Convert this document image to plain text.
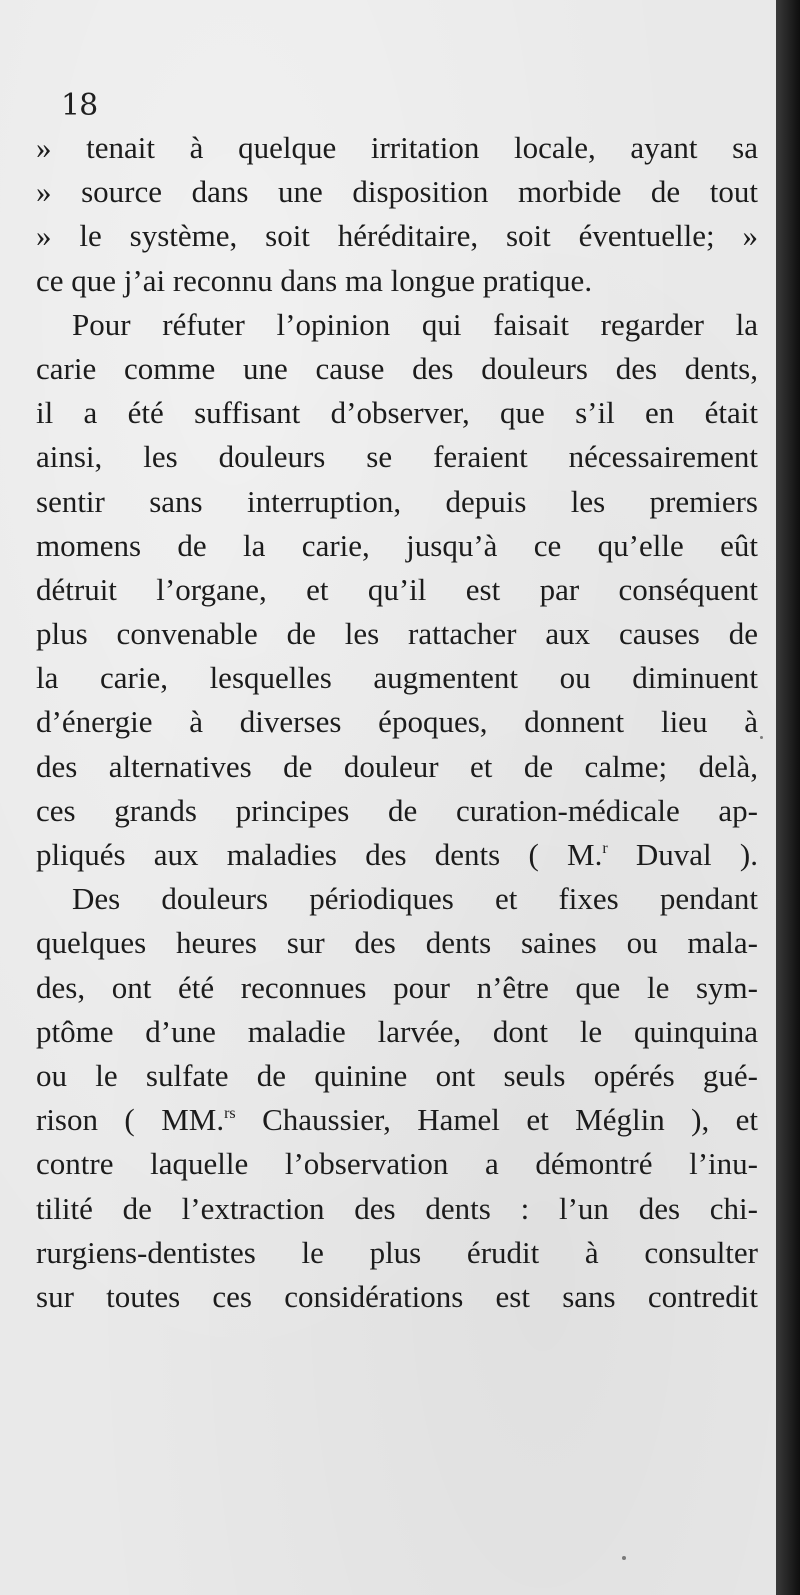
18
» tenait à quelque irritation locale, ayant sa
» source dans une disposition morbide de tout
» le système, soit héréditaire, soit éventuelle; »
ce que j’ai reconnu dans ma longue pratique.
Pour réfuter l’opinion qui faisait regarder la
carie comme une cause des douleurs des dents,
il a été suffisant d’observer, que s’il en était
ainsi, les douleurs se feraient nécessairement
sentir sans interruption, depuis les premiers
momens de la carie, jusqu’à ce qu’elle eût
détruit l’organe, et qu’il est par conséquent
plus convenable de les rattacher aux causes de
la carie, lesquelles augmentent ou diminuent
d’énergie à diverses époques, donnent lieu à
des alternatives de douleur et de calme; delà,
ces grands principes de curation-médicale ap-
pliqués aux maladies des dents ( M.$^r$ Duval ).
Des douleurs périodiques et fixes pendant
quelques heures sur des dents saines ou mala-
des, ont été reconnues pour n’être que le sym-
ptôme d’une maladie larvée, dont le quinquina
ou le sulfate de quinine ont seuls opérés gué-
rison ( MM.$^{rs}$ Chaussier, Hamel et Méglin ), et
contre laquelle l’observation a démontré l’inu-
tilité de l’extraction des dents : l’un des chi-
rurgiens-dentistes le plus érudit à consulter
sur toutes ces considérations est sans contredit
